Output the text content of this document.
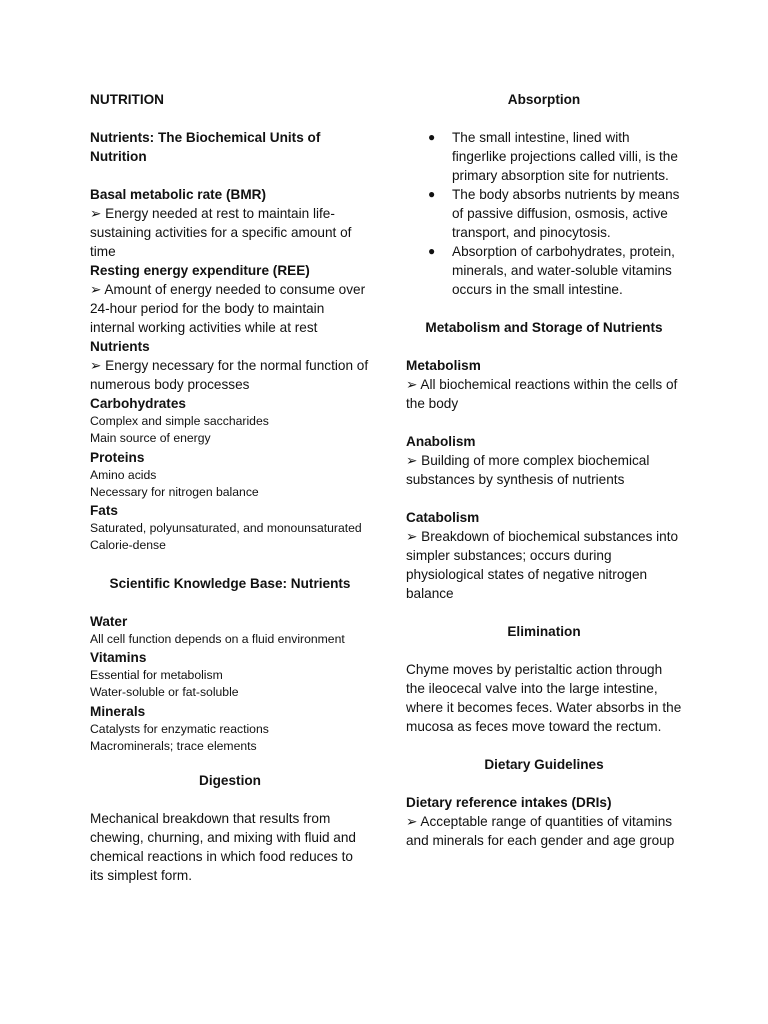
NUTRITION

Nutrients: The Biochemical Units of Nutrition

Basal metabolic rate (BMR)

➢ Energy needed at rest to maintain life-sustaining activities for a specific amount of time

Resting energy expenditure (REE)

➢ Amount of energy needed to consume over 24-hour period for the body to maintain internal working activities while at rest

Nutrients

➢ Energy necessary for the normal function of numerous body processes

Carbohydrates

Complex and simple saccharides

Main source of energy

Proteins

Amino acids

Necessary for nitrogen balance

Fats

Saturated, polyunsaturated, and monounsaturated

Calorie-dense

Scientific Knowledge Base: Nutrients

Water

All cell function depends on a fluid environment

Vitamins

Essential for metabolism

Water-soluble or fat-soluble

Minerals

Catalysts for enzymatic reactions

Macrominerals; trace elements

Digestion

Mechanical breakdown that results from chewing, churning, and mixing with fluid and chemical reactions in which food reduces to its simplest form.

Absorption

● The small intestine, lined with fingerlike projections called villi, is the primary absorption site for nutrients.
● The body absorbs nutrients by means of passive diffusion, osmosis, active transport, and pinocytosis.
● Absorption of carbohydrates, protein, minerals, and water-soluble vitamins occurs in the small intestine.

Metabolism and Storage of Nutrients

Metabolism

➢ All biochemical reactions within the cells of the body

Anabolism

➢ Building of more complex biochemical substances by synthesis of nutrients

Catabolism

➢ Breakdown of biochemical substances into simpler substances; occurs during physiological states of negative nitrogen balance

Elimination

Chyme moves by peristaltic action through the ileocecal valve into the large intestine, where it becomes feces. Water absorbs in the mucosa as feces move toward the rectum.

Dietary Guidelines

Dietary reference intakes (DRIs)

➢ Acceptable range of quantities of vitamins and minerals for each gender and age group
